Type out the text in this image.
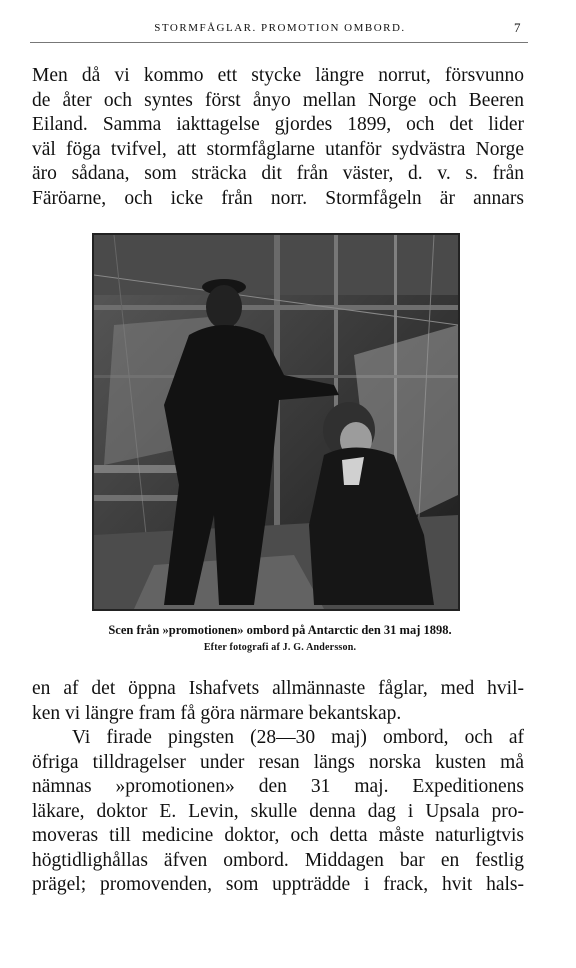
STORMFÅGLAR. PROMOTION OMBORD.	7
Men då vi kommo ett stycke längre norrut, försvunno
de åter och syntes först ånyo mellan Norge och Beeren
Eiland. Samma iakttagelse gjordes 1899, och det lider
väl föga tvifvel, att stormfåglarne utanför sydvästra Norge
äro sådana, som sträcka dit från väster, d. v. s. från
Färöarne, och icke från norr. Stormfågeln är annars
Scen från »promotionen» ombord på Antarctic den 31 maj 1898.
Efter fotografi af J. G. Andersson.
en af det öppna Ishafvets allmännaste fåglar, med hvil-
ken vi längre fram få göra närmare bekantskap.
Vi firade pingsten (28—30 maj) ombord, och af
öfriga tilldragelser under resan längs norska kusten må
nämnas »promotionen» den 31 maj. Expeditionens
läkare, doktor E. Levin, skulle denna dag i Upsala pro-
moveras till medicine doktor, och detta måste naturligtvis
högtidlighållas äfven ombord. Middagen bar en festlig
prägel; promovenden, som uppträdde i frack, hvit hals-
